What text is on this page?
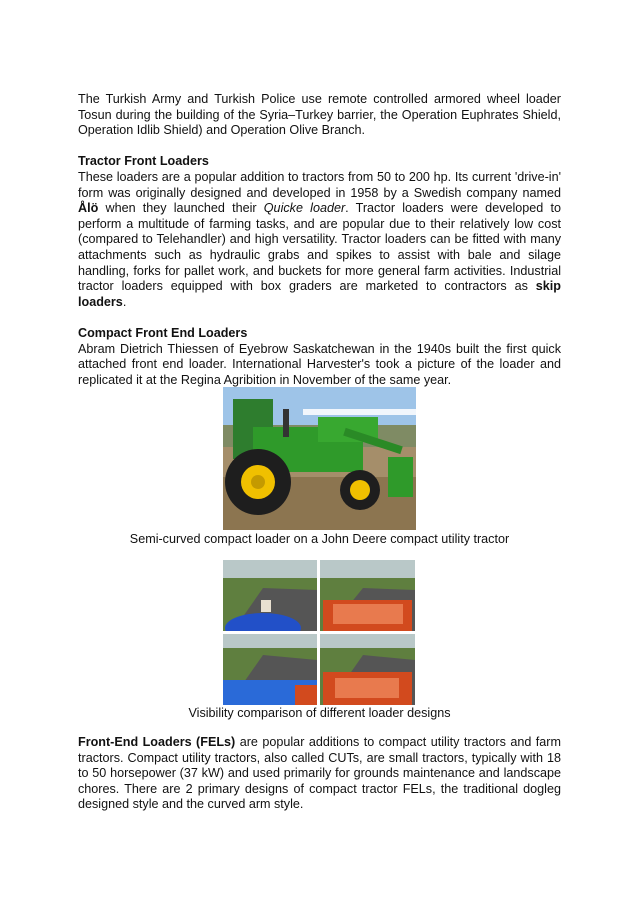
The Turkish Army and Turkish Police use remote controlled armored wheel loader Tosun during the building of the Syria–Turkey barrier, the Operation Euphrates Shield, Operation Idlib Shield) and Operation Olive Branch.

Tractor Front Loaders

These loaders are a popular addition to tractors from 50 to 200 hp. Its current 'drive-in' form was originally designed and developed in 1958 by a Swedish company named Ålö when they launched their Quicke loader. Tractor loaders were developed to perform a multitude of farming tasks, and are popular due to their relatively low cost (compared to Telehandler) and high versatility. Tractor loaders can be fitted with many attachments such as hydraulic grabs and spikes to assist with bale and silage handling, forks for pallet work, and buckets for more general farm activities. Industrial tractor loaders equipped with box graders are marketed to contractors as skip loaders.

Compact Front End Loaders

Abram Dietrich Thiessen of Eyebrow Saskatchewan in the 1940s built the first quick attached front end loader. International Harvester's took a picture of the loader and replicated it at the Regina Agribition in November of the same year.

Semi-curved compact loader on a John Deere compact utility tractor
Visibility comparison of different loader designs

Front-End Loaders (FELs) are popular additions to compact utility tractors and farm tractors. Compact utility tractors, also called CUTs, are small tractors, typically with 18 to 50 horsepower (37 kW) and used primarily for grounds maintenance and landscape chores. There are 2 primary designs of compact tractor FELs, the traditional dogleg designed style and the curved arm style.
